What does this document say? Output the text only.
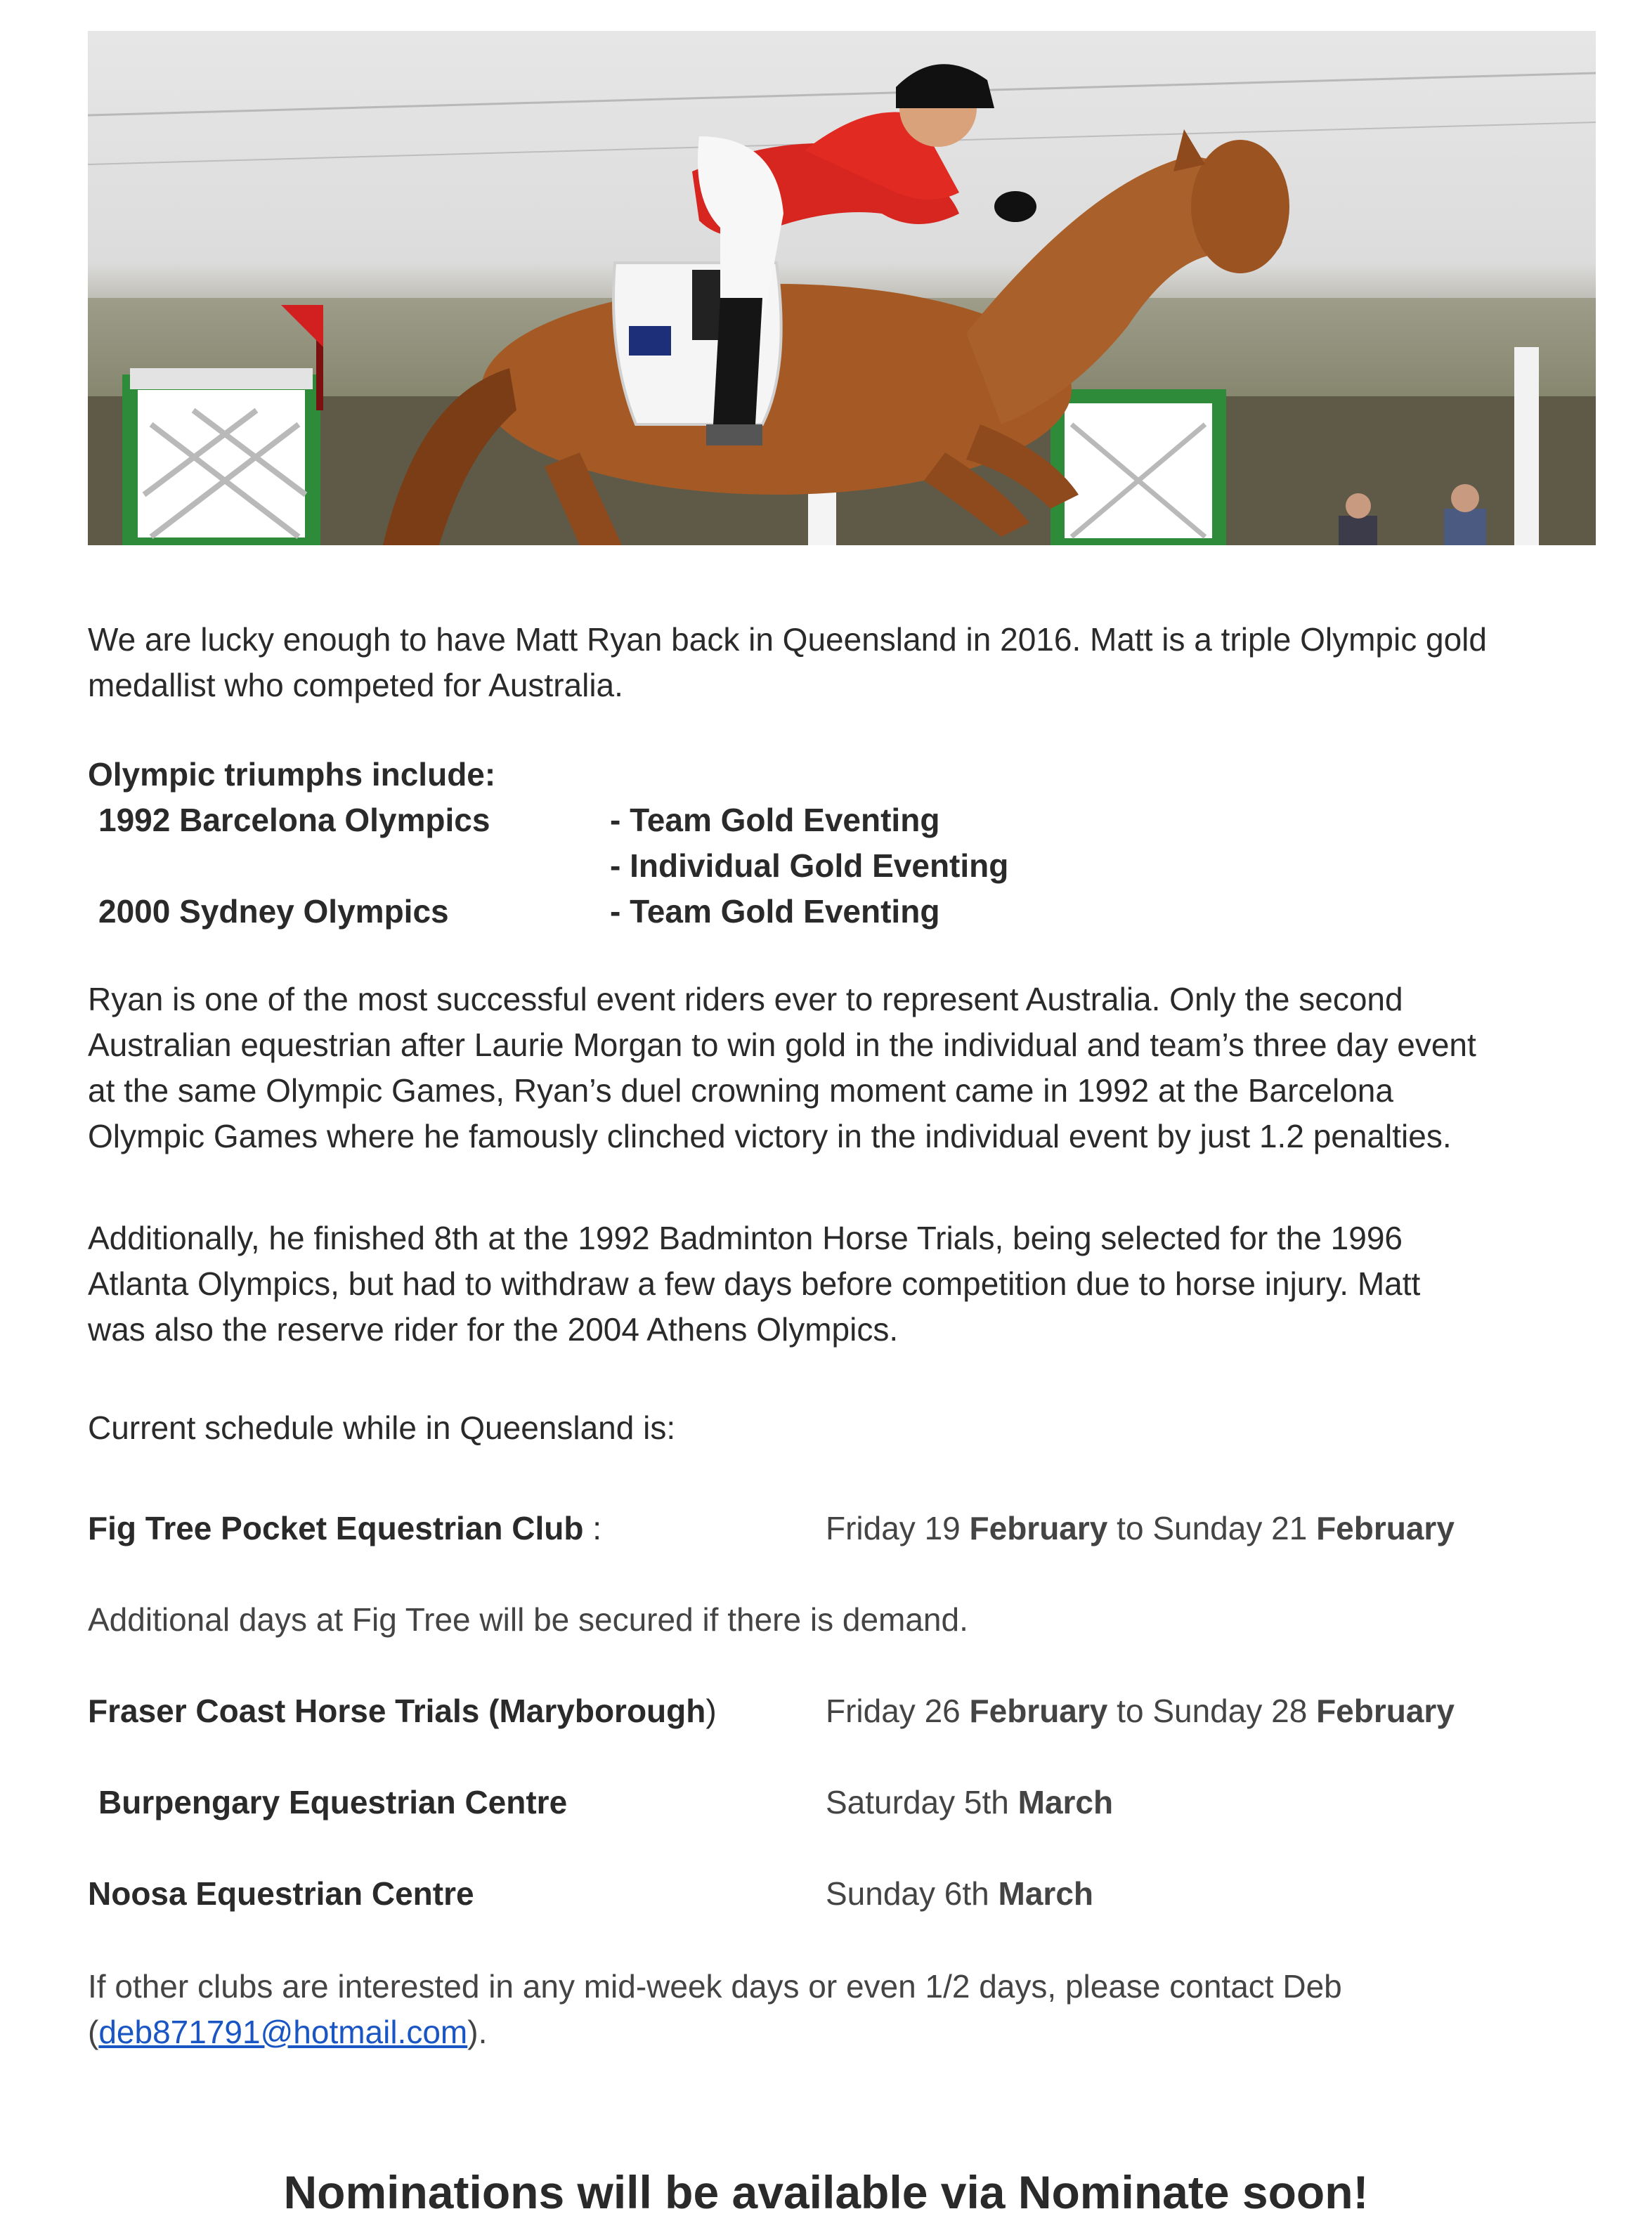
We are lucky enough to have Matt Ryan back in Queensland in 2016. Matt is a triple Olympic gold

medallist who competed for Australia.

Olympic triumphs include:

1992 Barcelona Olympics	- Team Gold Eventing

- Individual Gold Eventing

2000 Sydney Olympics	- Team Gold Eventing

Ryan is one of the most successful event riders ever to represent Australia. Only the second

Australian equestrian after Laurie Morgan to win gold in the individual and team’s three day event

at the same Olympic Games, Ryan’s duel crowning moment came in 1992 at the Barcelona

Olympic Games where he famously clinched victory in the individual event by just 1.2 penalties.

Additionally, he finished 8th at the 1992 Badminton Horse Trials, being selected for the 1996

Atlanta Olympics, but had to withdraw a few days before competition due to horse injury. Matt

was also the reserve rider for the 2004 Athens Olympics.

Current schedule while in Queensland is:

Fig Tree Pocket Equestrian Club :	Friday 19 February to Sunday 21 February

Additional days at Fig Tree will be secured if there is demand.

Fraser Coast Horse Trials (Maryborough)	Friday 26 February to Sunday 28 February

Burpengary Equestrian Centre	Saturday 5th March

Noosa Equestrian Centre	Sunday 6th March

If other clubs are interested in any mid-week days or even 1/2 days, please contact Deb

(deb871791@hotmail.com).

Nominations will be available via Nominate soon!
